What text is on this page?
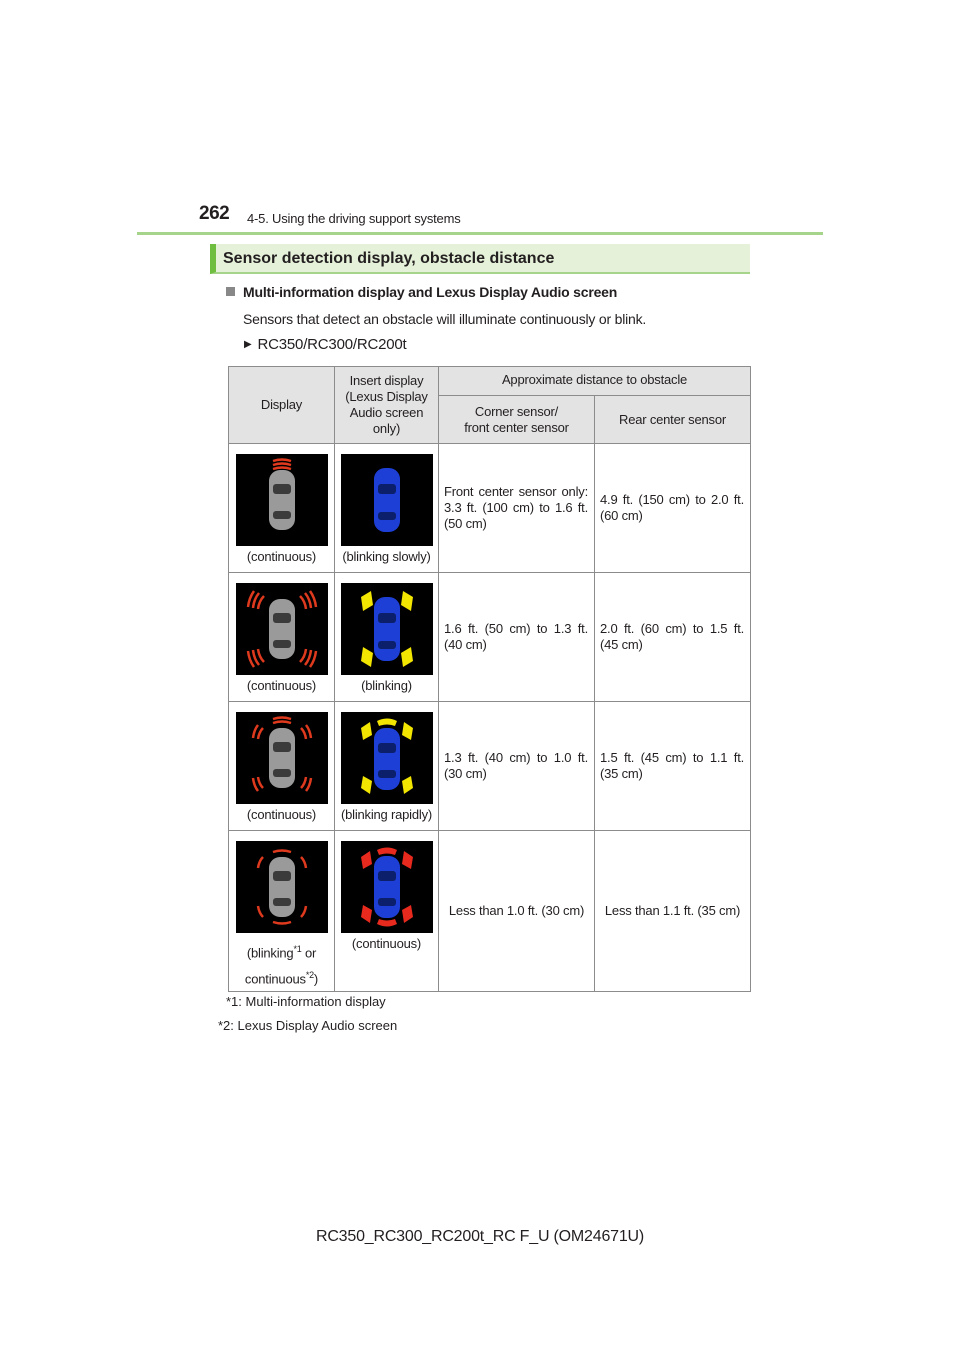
262 4-5. Using the driving support systems
Sensor detection display, obstacle distance
Multi-information display and Lexus Display Audio screen
Sensors that detect an obstacle will illuminate continuously or blink.
▶ RC350/RC300/RC200t
Display	Insert display
(Lexus Display
Audio screen
only)	Approximate distance to obstacle	
		Corner sensor/
front center sensor	Rear center sensor

(continuous)	(blinking slowly)	Front center sensor only: 3.3 ft. (100 cm) to 1.6 ft. (50 cm)	4.9 ft. (150 cm) to 2.0 ft. (60 cm)

(continuous)	(blinking)	1.6 ft. (50 cm) to 1.3 ft. (40 cm)	2.0 ft. (60 cm) to 1.5 ft. (45 cm)

(continuous)	(blinking rapidly)	1.3 ft. (40 cm) to 1.0 ft. (30 cm)	1.5 ft. (45 cm) to 1.1 ft. (35 cm)

(blinking$^{*1}$ or
continuous$^{*2}$)	(continuous)	Less than 1.0 ft. (30 cm)	Less than 1.1 ft. (35 cm)
*1: Multi-information display
*2: Lexus Display Audio screen
RC350_RC300_RC200t_RC F_U (OM24671U)
